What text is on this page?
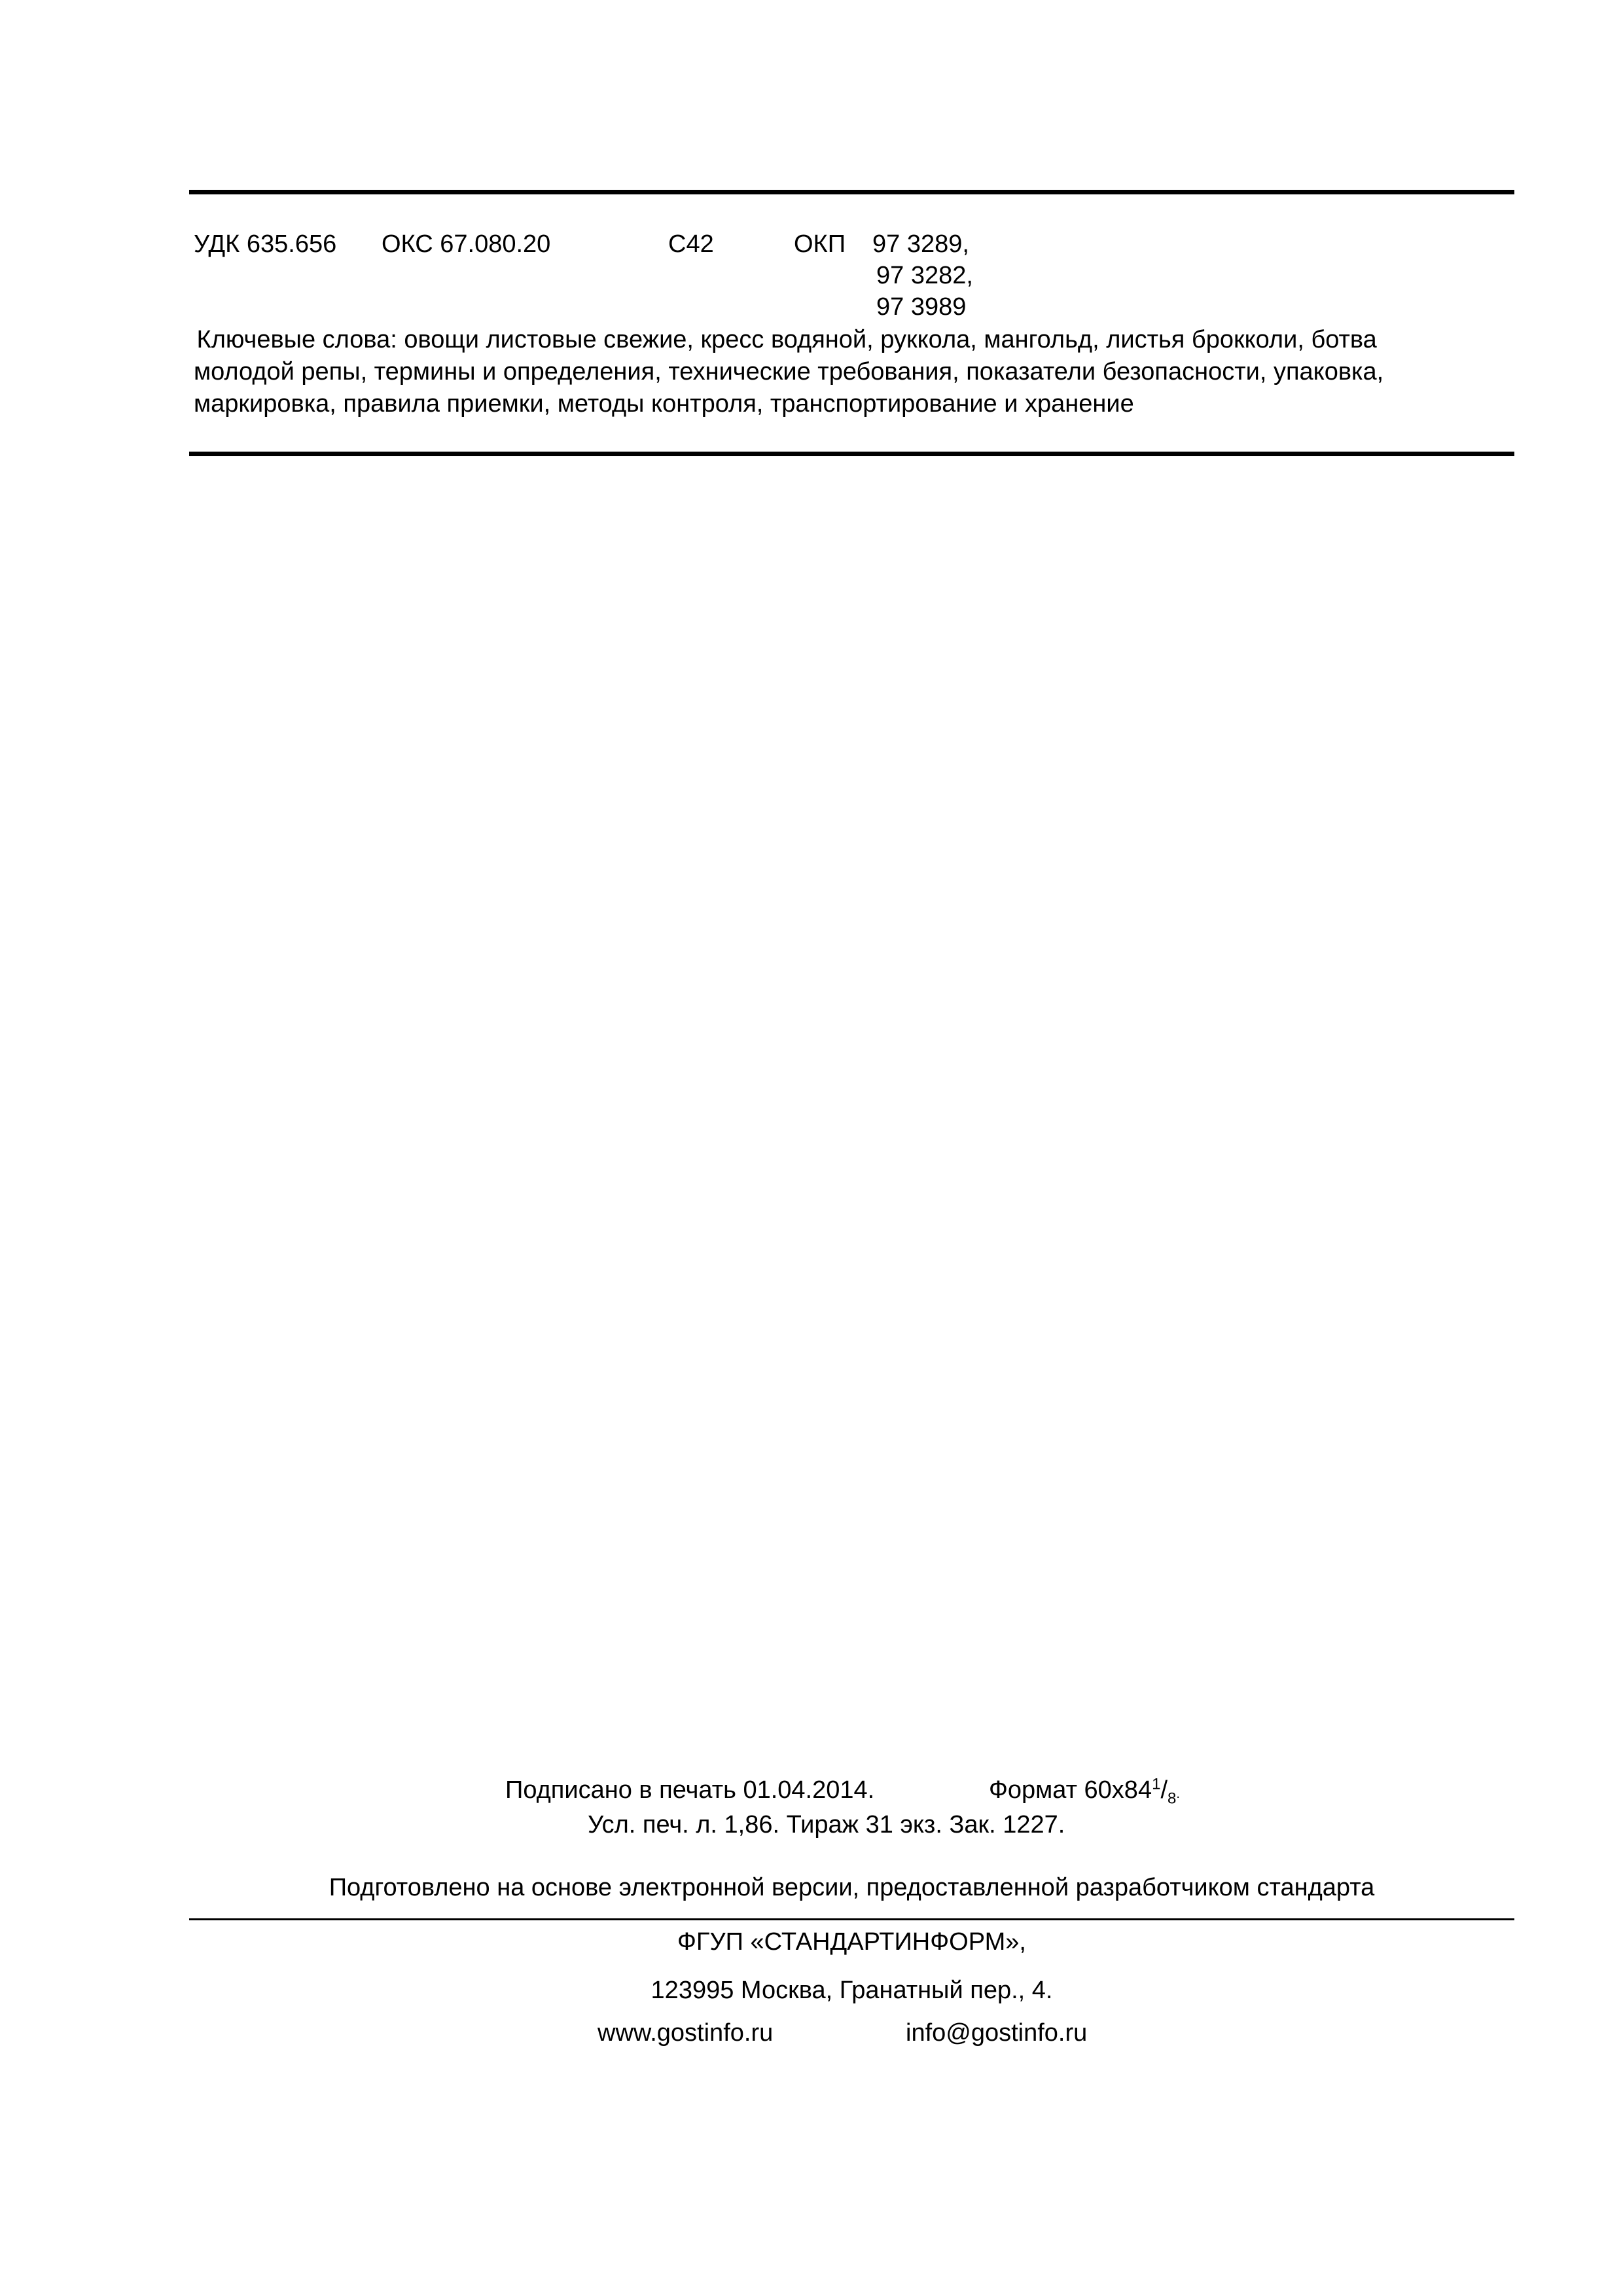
УДК 635.656 ОКС 67.080.20	С42	ОКП 97 3289,
97 3282,
97 3989
Ключевые слова: овощи листовые свежие, кресс водяной, руккола, мангольд, листья брокколи, ботва
молодой репы, термины и определения, технические требования, показатели безопасности, упаковка,
маркировка, правила приемки, методы контроля, транспортирование и хранение
Подписано в печать 01.04.2014.	Формат $60x84^1/_8$.
Усл. печ. л. 1,86. Тираж 31 экз. Зак. 1227.
Подготовлено на основе электронной версии, предоставленной разработчиком стандарта
ФГУП «СТАНДАРТИНФОРМ»,
123995 Москва, Гранатный пер., 4.
www.gostinfo.ru	info@gostinfo.ru
